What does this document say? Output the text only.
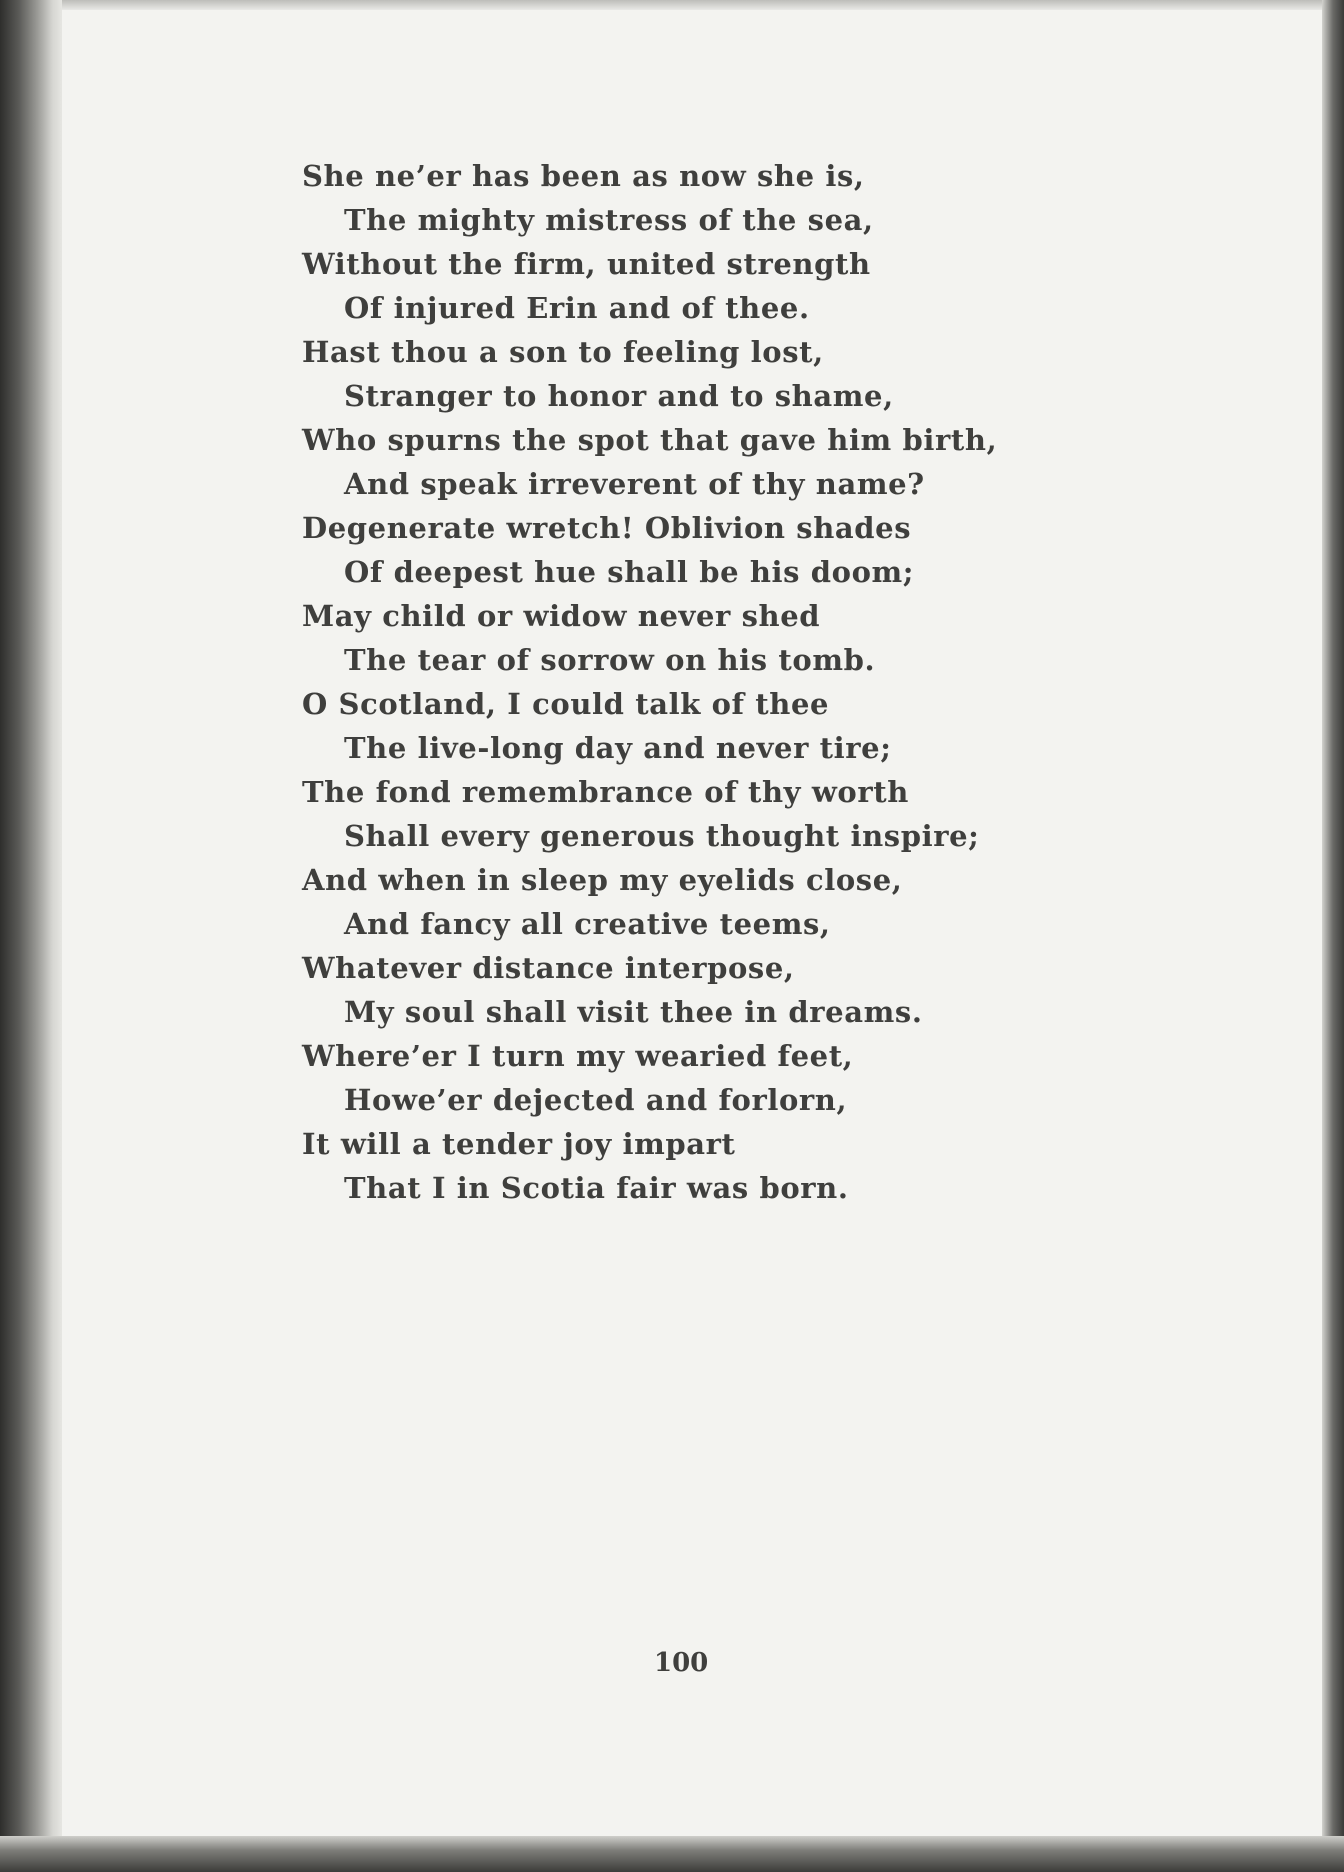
She ne’er has been as now she is,
The mighty mistress of the sea,
Without the firm, united strength
Of injured Erin and of thee.
Hast thou a son to feeling lost,
Stranger to honor and to shame,
Who spurns the spot that gave him birth,
And speak irreverent of thy name?
Degenerate wretch! Oblivion shades
Of deepest hue shall be his doom;
May child or widow never shed
The tear of sorrow on his tomb.
O Scotland, I could talk of thee
The live-long day and never tire;
The fond remembrance of thy worth
Shall every generous thought inspire;
And when in sleep my eyelids close,
And fancy all creative teems,
Whatever distance interpose,
My soul shall visit thee in dreams.
Where’er I turn my wearied feet,
Howe’er dejected and forlorn,
It will a tender joy impart
That I in Scotia fair was born.
100
